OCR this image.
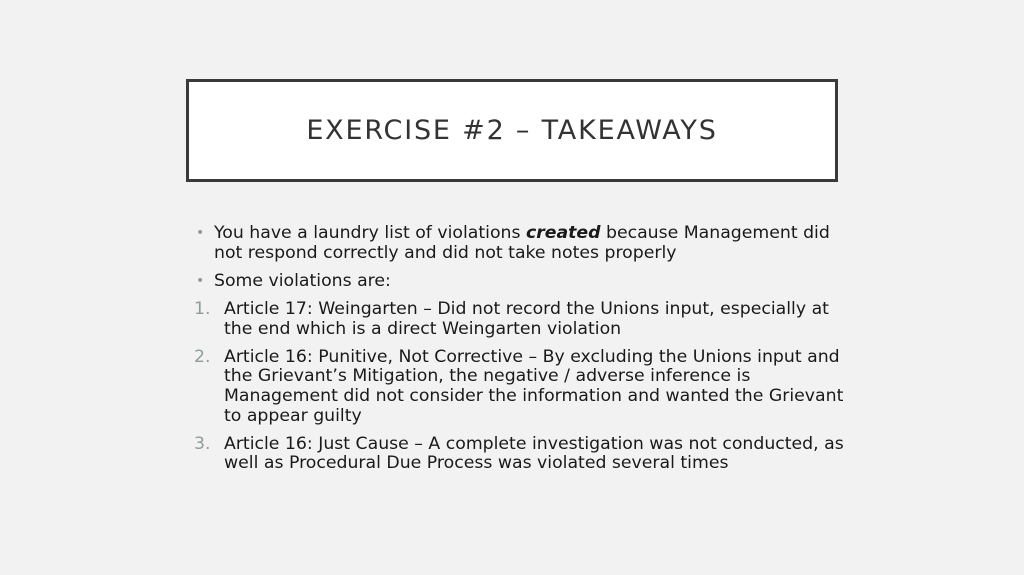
EXERCISE #2 – TAKEAWAYS
• You have a laundry list of violations created because Management did not respond correctly and did not take notes properly
• Some violations are:
1. Article 17: Weingarten – Did not record the Unions input, especially at the end which is a direct Weingarten violation
2. Article 16: Punitive, Not Corrective – By excluding the Unions input and the Grievant’s Mitigation, the negative / adverse inference is Management did not consider the information and wanted the Grievant to appear guilty
3. Article 16: Just Cause – A complete investigation was not conducted, as well as Procedural Due Process was violated several times
